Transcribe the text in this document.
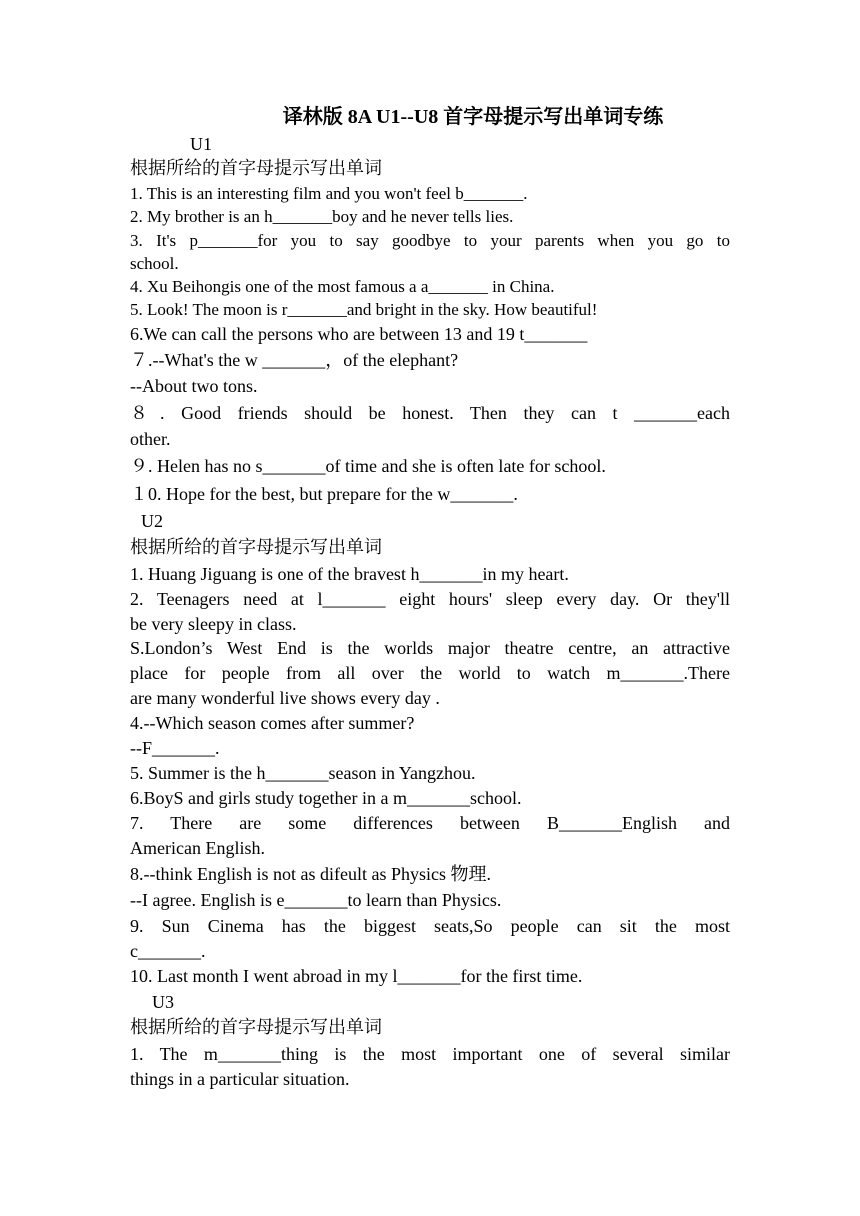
译林版 8A U1--U8 首字母提示写出单词专练
U1
根据所给的首字母提示写出单词
1. This is an interesting film and you won't feel b_______.
2. My brother is an h_______boy and he never tells lies.
3. It's p_______for you to say goodbye to your parents when you go to
school.
4. Xu Beihongis one of the most famous a a_______ in China.
5. Look! The moon is r_______and bright in the sky. How beautiful!
6.We can call the persons who are between 13 and 19 t_______
７.--What's the w _______，of the elephant?
--About two tons.
８. Good friends should be honest. Then they can t _______each
other.
９. Helen has no s_______of time and she is often late for school.
１0. Hope for the best, but prepare for the w_______.
U2
根据所给的首字母提示写出单词
1. Huang Jiguang is one of the bravest h_______in my heart.
2. Teenagers need at l_______ eight hours' sleep every day. Or they'll
be very sleepy in class.
S.London’s West End is the worlds major theatre centre, an attractive
place for people from all over the world to watch m_______.There
are many wonderful live shows every day .
4.--Which season comes after summer?
--F_______.
5. Summer is the h_______season in Yangzhou.
6.BoyS and girls study together in a m_______school.
7. There are some differences between B_______English and
American English.
8.--think English is not as difeult as Physics 物理.
--I agree. English is e_______to learn than Physics.
9. Sun Cinema has the biggest seats,So people can sit the most
c_______.
10. Last month I went abroad in my l_______for the first time.
U3
根据所给的首字母提示写出单词
1. The m_______thing is the most important one of several similar
things in a particular situation.
